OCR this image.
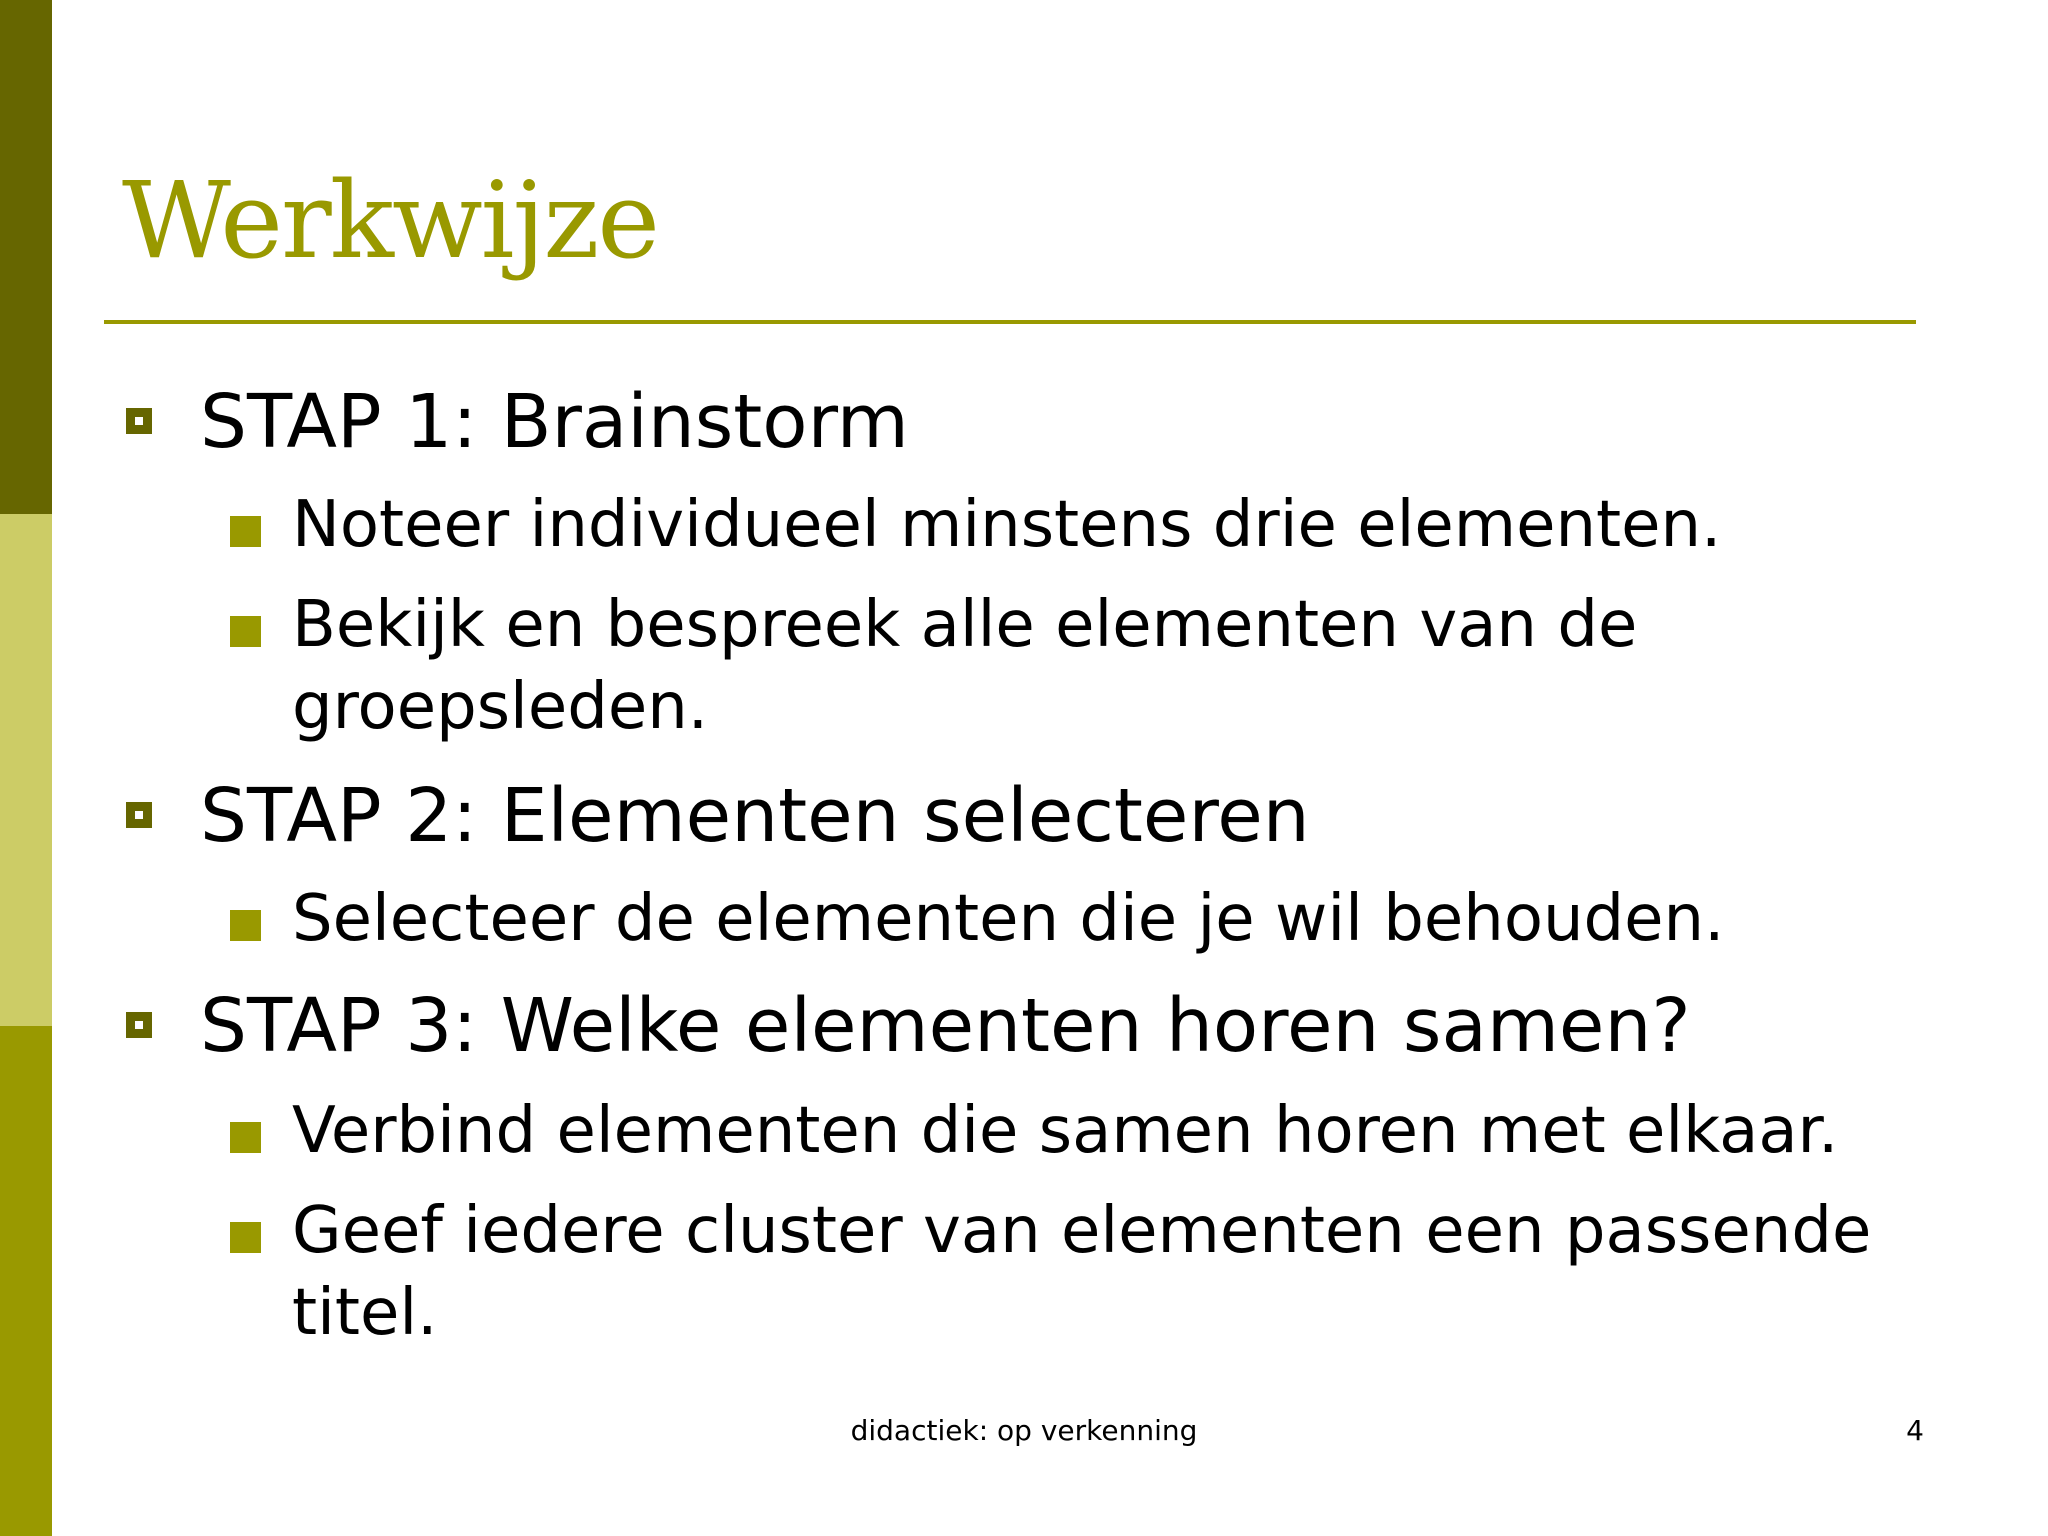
Werkwijze
STAP 1: Brainstorm
Noteer individueel minstens drie elementen.
Bekijk en bespreek alle elementen van de groepsleden.
STAP 2: Elementen selecteren
Selecteer de elementen die je wil behouden.
STAP 3: Welke elementen horen samen?
Verbind elementen die samen horen met elkaar.
Geef iedere cluster van elementen een passende titel.
didactiek: op verkenning	4
